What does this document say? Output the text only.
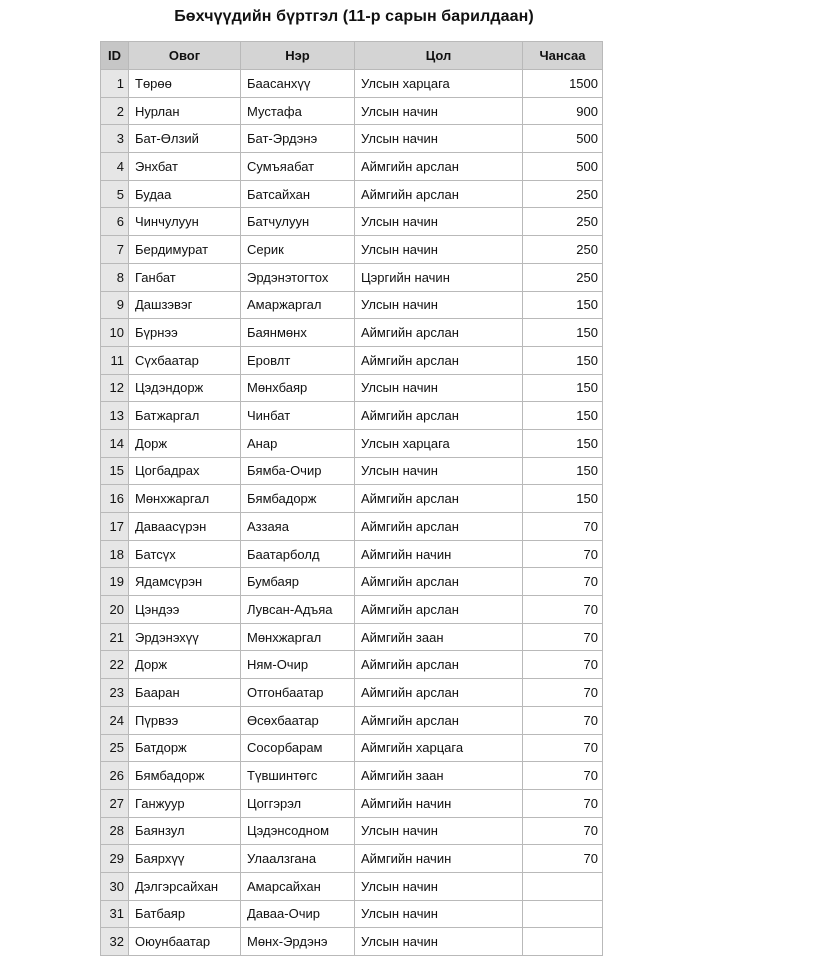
Бөхчүүдийн бүртгэл (11-р сарын барилдаан)
ID	Овог	Нэр	Цол	Чансаа
1	Төрөө	Баасанхүү	Улсын харцага	1500
2	Нурлан	Мустафа	Улсын начин	900
3	Бат-Өлзий	Бат-Эрдэнэ	Улсын начин	500
4	Энхбат	Сумъяабат	Аймгийн арслан	500
5	Будаа	Батсайхан	Аймгийн арслан	250
6	Чинчулуун	Батчулуун	Улсын начин	250
7	Бердимурат	Серик	Улсын начин	250
8	Ганбат	Эрдэнэтогтох	Цэргийн начин	250
9	Дашзэвэг	Амаржаргал	Улсын начин	150
10	Бүрнээ	Баянмөнх	Аймгийн арслан	150
11	Сүхбаатар	Еровлт	Аймгийн арслан	150
12	Цэдэндорж	Мөнхбаяр	Улсын начин	150
13	Батжаргал	Чинбат	Аймгийн арслан	150
14	Дорж	Анар	Улсын харцага	150
15	Цогбадрах	Бямба-Очир	Улсын начин	150
16	Мөнхжаргал	Бямбадорж	Аймгийн арслан	150
17	Даваасүрэн	Аззаяа	Аймгийн арслан	70
18	Батсүх	Баатарболд	Аймгийн начин	70
19	Ядамсүрэн	Бумбаяр	Аймгийн арслан	70
20	Цэндээ	Лувсан-Адъяа	Аймгийн арслан	70
21	Эрдэнэхүү	Мөнхжаргал	Аймгийн заан	70
22	Дорж	Ням-Очир	Аймгийн арслан	70
23	Бааран	Отгонбаатар	Аймгийн арслан	70
24	Пүрвээ	Өсөхбаатар	Аймгийн арслан	70
25	Батдорж	Сосорбарам	Аймгийн харцага	70
26	Бямбадорж	Түвшинтөгс	Аймгийн заан	70
27	Ганжуур	Цоггэрэл	Аймгийн начин	70
28	Баянзул	Цэдэнсодном	Улсын начин	70
29	Баярхүү	Улаалзгана	Аймгийн начин	70
30	Дэлгэрсайхан	Амарсайхан	Улсын начин	
31	Батбаяр	Даваа-Очир	Улсын начин	
32	Оюунбаатар	Мөнх-Эрдэнэ	Улсын начин	
